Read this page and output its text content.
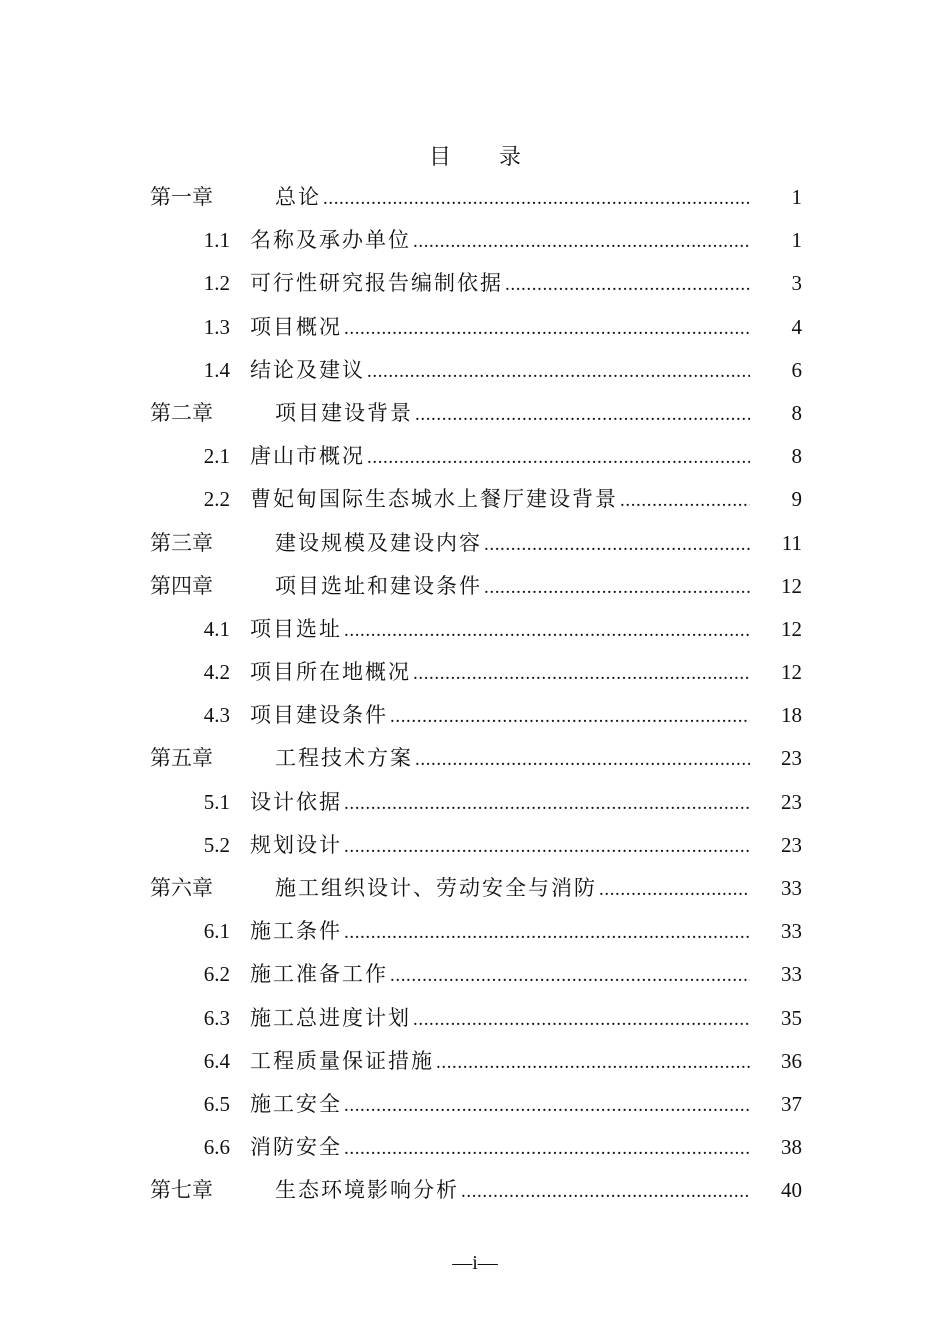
目录
第一章	总论 .....	1
1.1 名称及承办单位 .....	1
1.2 可行性研究报告编制依据 .....	3
1.3 项目概况 .....	4
1.4 结论及建议 .....	6
第二章	项目建设背景 .....	8
2.1 唐山市概况 .....	8
2.2 曹妃甸国际生态城水上餐厅建设背景 .....	9
第三章	建设规模及建设内容 .....	11
第四章	项目选址和建设条件 .....	12
4.1 项目选址 .....	12
4.2 项目所在地概况 .....	12
4.3 项目建设条件 .....	18
第五章	工程技术方案 .....	23
5.1 设计依据 .....	23
5.2 规划设计 .....	23
第六章	施工组织设计、劳动安全与消防 .....	33
6.1 施工条件 .....	33
6.2 施工准备工作 .....	33
6.3 施工总进度计划 .....	35
6.4 工程质量保证措施 .....	36
6.5 施工安全 .....	37
6.6 消防安全 .....	38
第七章	生态环境影响分析 .....	40
—i—
